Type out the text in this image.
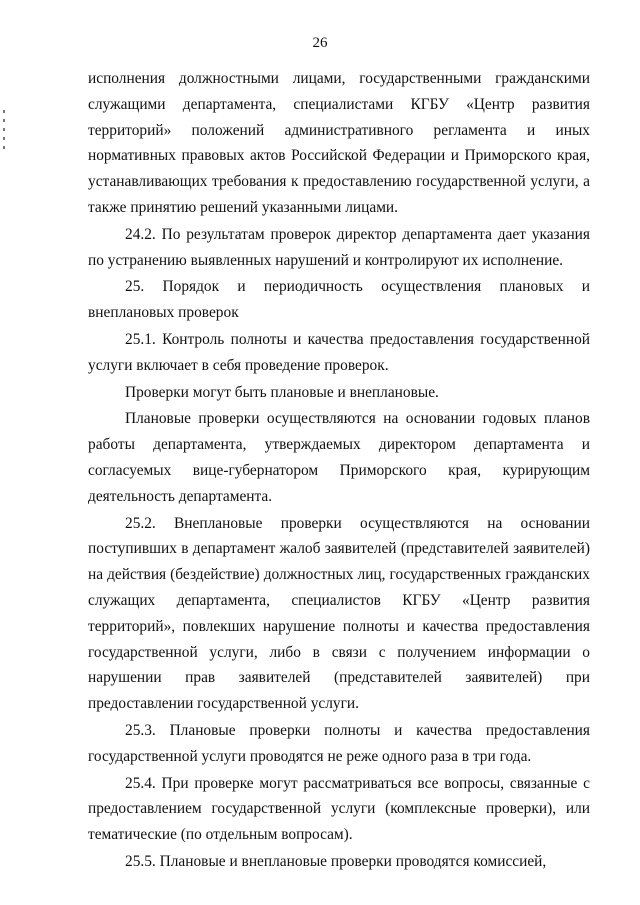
26

исполнения должностными лицами, государственными гражданскими служащими департамента, специалистами КГБУ «Центр развития территорий» положений административного регламента и иных нормативных правовых актов Российской Федерации и Приморского края, устанавливающих требования к предоставлению государственной услуги, а также принятию решений указанными лицами.

24.2. По результатам проверок директор департамента дает указания по устранению выявленных нарушений и контролируют их исполнение.

25. Порядок и периодичность осуществления плановых и внеплановых проверок

25.1. Контроль полноты и качества предоставления государственной услуги включает в себя проведение проверок.

Проверки могут быть плановые и внеплановые.

Плановые проверки осуществляются на основании годовых планов работы департамента, утверждаемых директором департамента и согласуемых вице-губернатором Приморского края, курирующим деятельность департамента.

25.2. Внеплановые проверки осуществляются на основании поступивших в департамент жалоб заявителей (представителей заявителей) на действия (бездействие) должностных лиц, государственных гражданских служащих департамента, специалистов КГБУ «Центр развития территорий», повлекших нарушение полноты и качества предоставления государственной услуги, либо в связи с получением информации о нарушении прав заявителей (представителей заявителей) при предоставлении государственной услуги.

25.3. Плановые проверки полноты и качества предоставления государственной услуги проводятся не реже одного раза в три года.

25.4. При проверке могут рассматриваться все вопросы, связанные с предоставлением государственной услуги (комплексные проверки), или тематические (по отдельным вопросам).

25.5. Плановые и внеплановые проверки проводятся комиссией,
